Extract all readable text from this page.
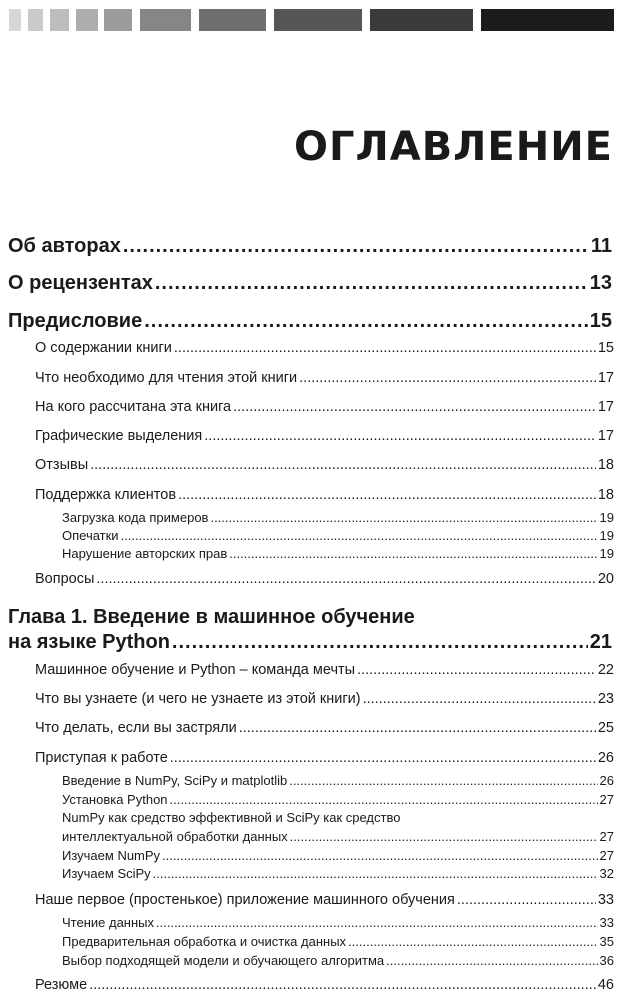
ОГЛАВЛЕНИЕ
Об авторах .....	11
О рецензентах .....	13
Предисловие .....	15
О содержании книги .....	15
Что необходимо для чтения этой книги .....	17
На кого рассчитана эта книга .....	17
Графические выделения .....	17
Отзывы .....	18
Поддержка клиентов .....	18
Загрузка кода примеров .....	19
Опечатки .....	19
Нарушение авторских прав .....	19
Вопросы .....	20
Глава 1. Введение в машинное обучение
на языке Python .....	21
Машинное обучение и Python – команда мечты .....	22
Что вы узнаете (и чего не узнаете из этой книги) .....	23
Что делать, если вы застряли .....	25
Приступая к работе .....	26
Введение в NumPy, SciPy и matplotlib .....	26
Установка Python .....	27
NumPy как средство эффективной и SciPy как средство
интеллектуальной обработки данных .....	27
Изучаем NumPy .....	27
Изучаем SciPy .....	32
Наше первое (простенькое) приложение машинного обучения .....	33
Чтение данных .....	33
Предварительная обработка и очистка данных .....	35
Выбор подходящей модели и обучающего алгоритма .....	36
Резюме .....	46
